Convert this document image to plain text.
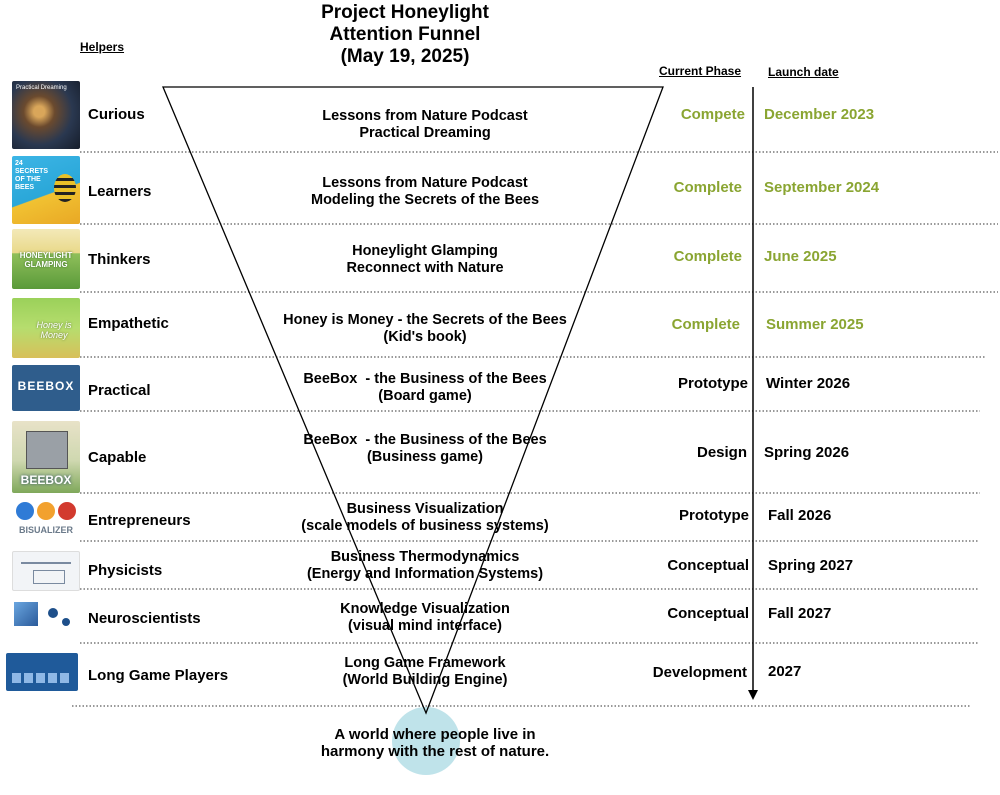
Project Honeylight
Attention Funnel
(May 19, 2025)
Helpers
Current Phase Launch date
Practical Dreaming
24 SECRETS OF THE BEES
HONEYLIGHT GLAMPING
Honey is Money
BEEBOX
BEEBOX
BISUALIZER
Curious
Learners
Thinkers
Empathetic
Practical
Capable
Entrepreneurs
Physicists
Neuroscientists
Long Game Players
Lessons from Nature Podcast
Practical Dreaming
Lessons from Nature Podcast
Modeling the Secrets of the Bees
Honeylight Glamping
Reconnect with Nature
Honey is Money - the Secrets of the Bees
(Kid's book)
BeeBox  - the Business of the Bees
(Board game)
BeeBox  - the Business of the Bees
(Business game)
Business Visualization
(scale models of business systems)
Business Thermodynamics
(Energy and Information Systems)
Knowledge Visualization
(visual mind interface)
Long Game Framework
(World Building Engine)
Compete
Complete
Complete
Complete
Prototype
Design
Prototype
Conceptual
Conceptual
Development
December 2023
September 2024
June 2025
Summer 2025
Winter 2026
Spring 2026
Fall 2026
Spring 2027
Fall 2027
2027
A world where people live in
harmony with the rest of nature.
